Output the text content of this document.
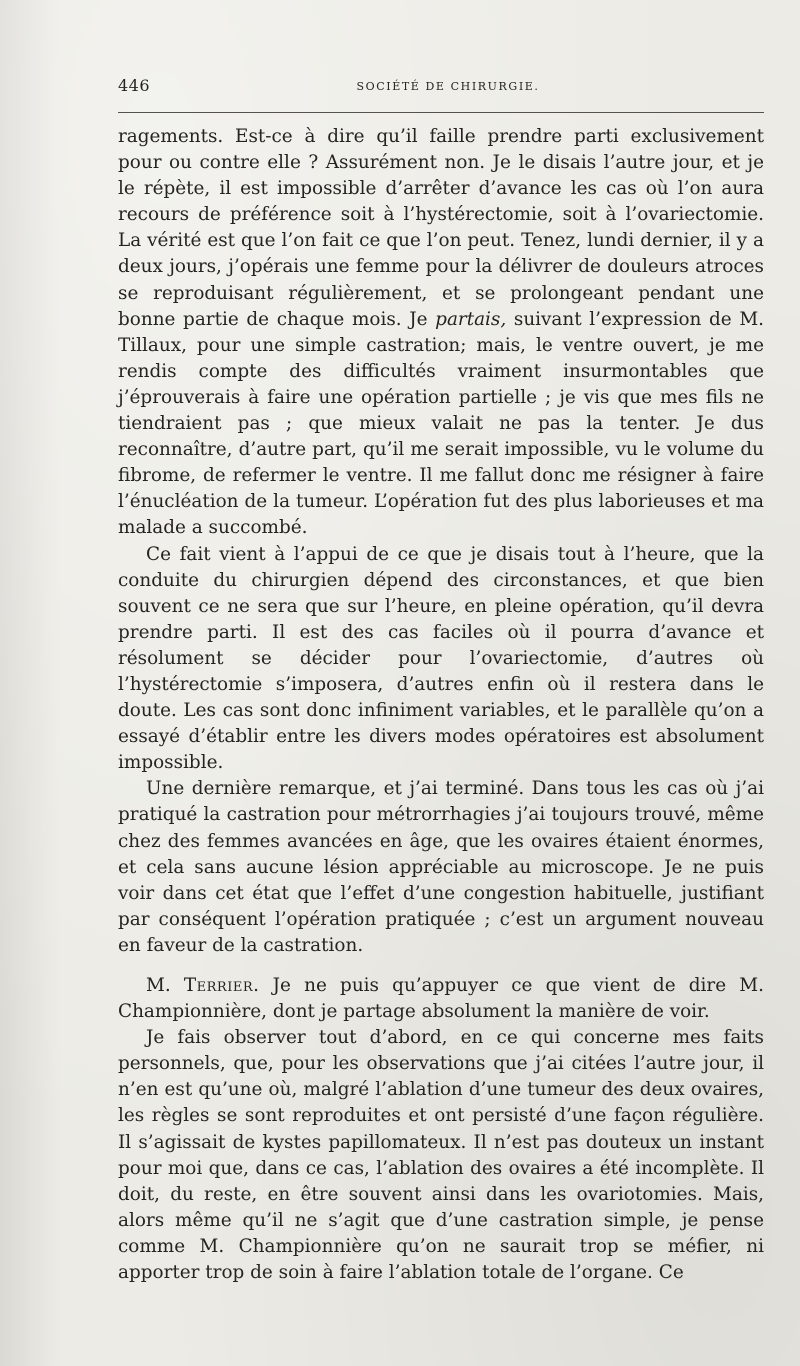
446	SOCIÉTÉ DE CHIRURGIE.

ragements. Est-ce à dire qu’il faille prendre parti exclusivement pour ou contre elle ? Assurément non. Je le disais l’autre jour, et je le répète, il est impossible d’arrêter d’avance les cas où l’on aura recours de préférence soit à l’hystérectomie, soit à l’ovariectomie. La vérité est que l’on fait ce que l’on peut. Tenez, lundi dernier, il y a deux jours, j’opérais une femme pour la délivrer de douleurs atroces se reproduisant régulièrement, et se prolongeant pendant une bonne partie de chaque mois. Je partais, suivant l’expression de M. Tillaux, pour une simple castration; mais, le ventre ouvert, je me rendis compte des difficultés vraiment insurmontables que j’éprouverais à faire une opération partielle ; je vis que mes fils ne tiendraient pas ; que mieux valait ne pas la tenter. Je dus reconnaître, d’autre part, qu’il me serait impossible, vu le volume du fibrome, de refermer le ventre. Il me fallut donc me résigner à faire l’énucléation de la tumeur. L’opération fut des plus laborieuses et ma malade a succombé.

Ce fait vient à l’appui de ce que je disais tout à l’heure, que la conduite du chirurgien dépend des circonstances, et que bien souvent ce ne sera que sur l’heure, en pleine opération, qu’il devra prendre parti. Il est des cas faciles où il pourra d’avance et résolument se décider pour l’ovariectomie, d’autres où l’hystérectomie s’imposera, d’autres enfin où il restera dans le doute. Les cas sont donc infiniment variables, et le parallèle qu’on a essayé d’établir entre les divers modes opératoires est absolument impossible.

Une dernière remarque, et j’ai terminé. Dans tous les cas où j’ai pratiqué la castration pour métrorrhagies j’ai toujours trouvé, même chez des femmes avancées en âge, que les ovaires étaient énormes, et cela sans aucune lésion appréciable au microscope. Je ne puis voir dans cet état que l’effet d’une congestion habituelle, justifiant par conséquent l’opération pratiquée ; c’est un argument nouveau en faveur de la castration.

M. Terrier. Je ne puis qu’appuyer ce que vient de dire M. Championnière, dont je partage absolument la manière de voir.

Je fais observer tout d’abord, en ce qui concerne mes faits personnels, que, pour les observations que j’ai citées l’autre jour, il n’en est qu’une où, malgré l’ablation d’une tumeur des deux ovaires, les règles se sont reproduites et ont persisté d’une façon régulière. Il s’agissait de kystes papillomateux. Il n’est pas douteux un instant pour moi que, dans ce cas, l’ablation des ovaires a été incomplète. Il doit, du reste, en être souvent ainsi dans les ovariotomies. Mais, alors même qu’il ne s’agit que d’une castration simple, je pense comme M. Championnière qu’on ne saurait trop se méfier, ni apporter trop de soin à faire l’ablation totale de l’organe. Ce
